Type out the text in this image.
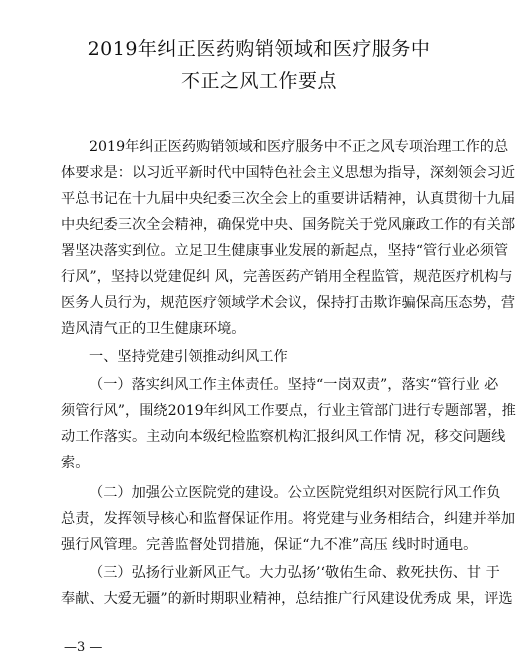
2019年纠正医药购销领域和医疗服务中
不正之风工作要点
2019年纠正医药购销领域和医疗服务中不正之风专项治理工作的总
体要求是：以习近平新时代中国特色社会主义思想为指导，深刻领会习近
平总书记在十九届中央纪委三次全会上的重要讲话精神，认真贯彻十九届
中央纪委三次全会精神，确保党中央、国务院关于党风廉政工作的有关部
署坚决落实到位。立足卫生健康事业发展的新起点，坚持“管行业必须管
行风”，坚持以党建促纠 风，完善医药产销用全程监管，规范医疗机构与
医务人员行为，规范医疗领域学术会议，保持打击欺诈骗保高压态势，营
造风清气正的卫生健康环境。
一、坚持党建引领推动纠风工作
（一）落实纠风工作主体责任。坚持“一岗双责”，落实“管行业 必
须管行风”，围绕2019年纠风工作要点，行业主管部门进行专题部署，推
动工作落实。主动向本级纪检监察机构汇报纠风工作情 况，移交问题线
索。
（二）加强公立医院党的建设。公立医院党组织对医院行风工作负
总责，发挥领导核心和监督保证作用。将党建与业务相结合，纠建并举加
强行风管理。完善监督处罚措施，保证“九不准”高压 线时时通电。
（三）弘扬行业新风正气。大力弘扬’‘敬佑生命、救死扶伤、甘 于
奉献、大爱无疆”的新时期职业精神，总结推广行风建设优秀成 果，评选
—3 —
